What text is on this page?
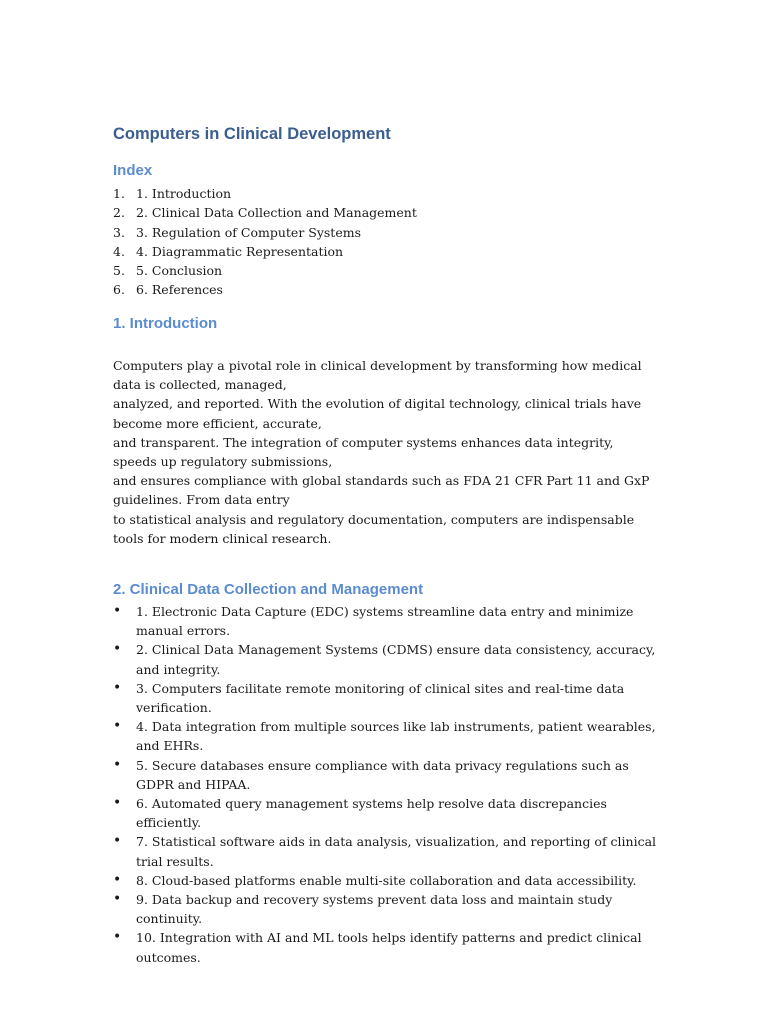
Computers in Clinical Development
Index
1. 1. Introduction
2. 2. Clinical Data Collection and Management
3. 3. Regulation of Computer Systems
4. 4. Diagrammatic Representation
5. 5. Conclusion
6. 6. References
1. Introduction

Computers play a pivotal role in clinical development by transforming how medical data is collected, managed,
analyzed, and reported. With the evolution of digital technology, clinical trials have become more efficient, accurate,
and transparent. The integration of computer systems enhances data integrity, speeds up regulatory submissions,
and ensures compliance with global standards such as FDA 21 CFR Part 11 and GxP guidelines. From data entry
to statistical analysis and regulatory documentation, computers are indispensable tools for modern clinical research.

2. Clinical Data Collection and Management
• 1. Electronic Data Capture (EDC) systems streamline data entry and minimize manual errors.
• 2. Clinical Data Management Systems (CDMS) ensure data consistency, accuracy, and integrity.
• 3. Computers facilitate remote monitoring of clinical sites and real-time data verification.
• 4. Data integration from multiple sources like lab instruments, patient wearables, and EHRs.
• 5. Secure databases ensure compliance with data privacy regulations such as GDPR and HIPAA.
• 6. Automated query management systems help resolve data discrepancies efficiently.
• 7. Statistical software aids in data analysis, visualization, and reporting of clinical trial results.
• 8. Cloud-based platforms enable multi-site collaboration and data accessibility.
• 9. Data backup and recovery systems prevent data loss and maintain study continuity.
• 10. Integration with AI and ML tools helps identify patterns and predict clinical outcomes.
